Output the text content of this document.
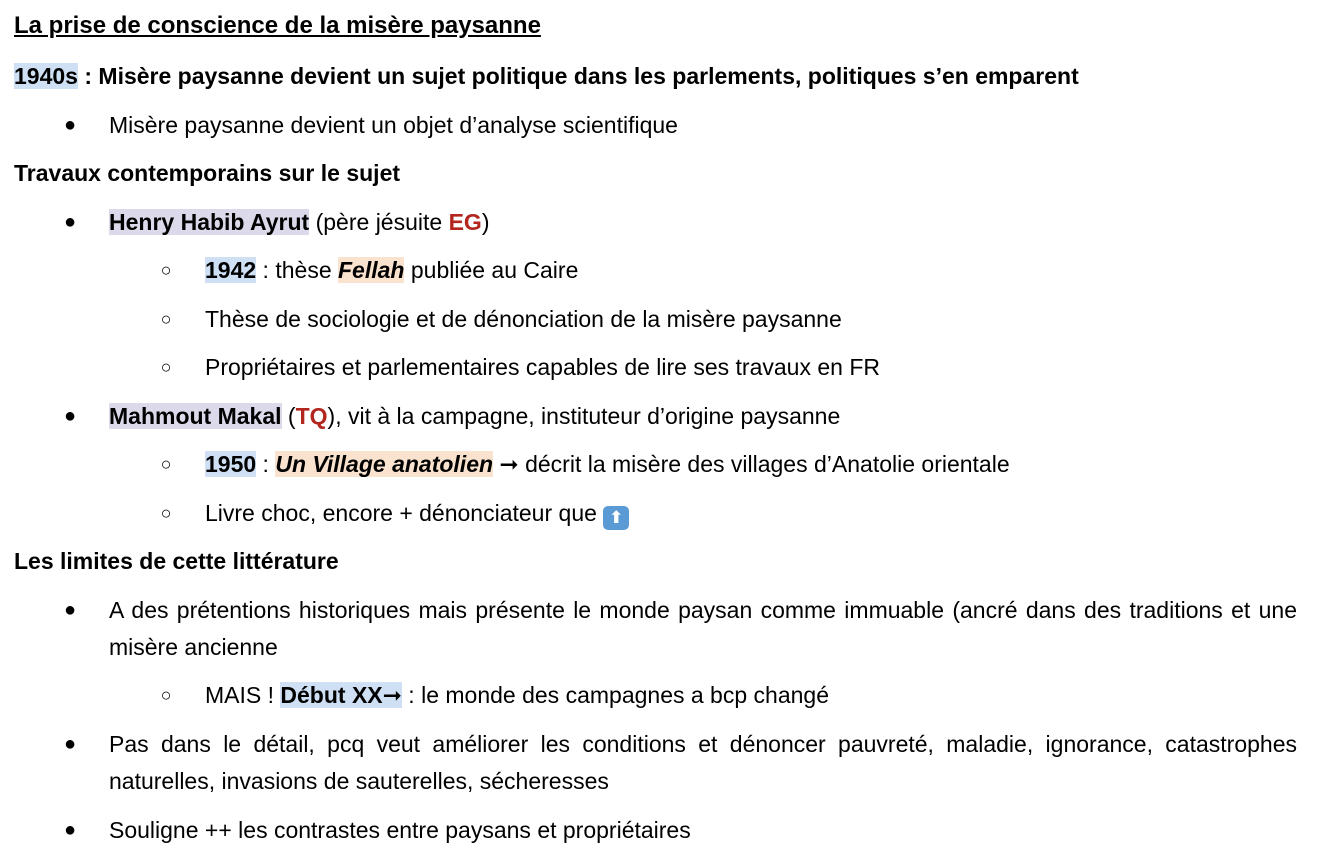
La prise de conscience de la misère paysanne
1940s : Misère paysanne devient un sujet politique dans les parlements, politiques s’en emparent
● Misère paysanne devient un objet d’analyse scientifique
Travaux contemporains sur le sujet
● Henry Habib Ayrut (père jésuite EG)
○ 1942 : thèse Fellah publiée au Caire
○ Thèse de sociologie et de dénonciation de la misère paysanne
○ Propriétaires et parlementaires capables de lire ses travaux en FR
● Mahmout Makal (TQ), vit à la campagne, instituteur d’origine paysanne
○ 1950 : Un Village anatolien ➞ décrit la misère des villages d’Anatolie orientale
○ Livre choc, encore + dénonciateur que ⬆
Les limites de cette littérature
● A des prétentions historiques mais présente le monde paysan comme immuable (ancré dans des traditions et une misère ancienne
○ MAIS ! Début XX➞ : le monde des campagnes a bcp changé
● Pas dans le détail, pcq veut améliorer les conditions et dénoncer pauvreté, maladie, ignorance, catastrophes naturelles, invasions de sauterelles, sécheresses
● Souligne ++ les contrastes entre paysans et propriétaires
